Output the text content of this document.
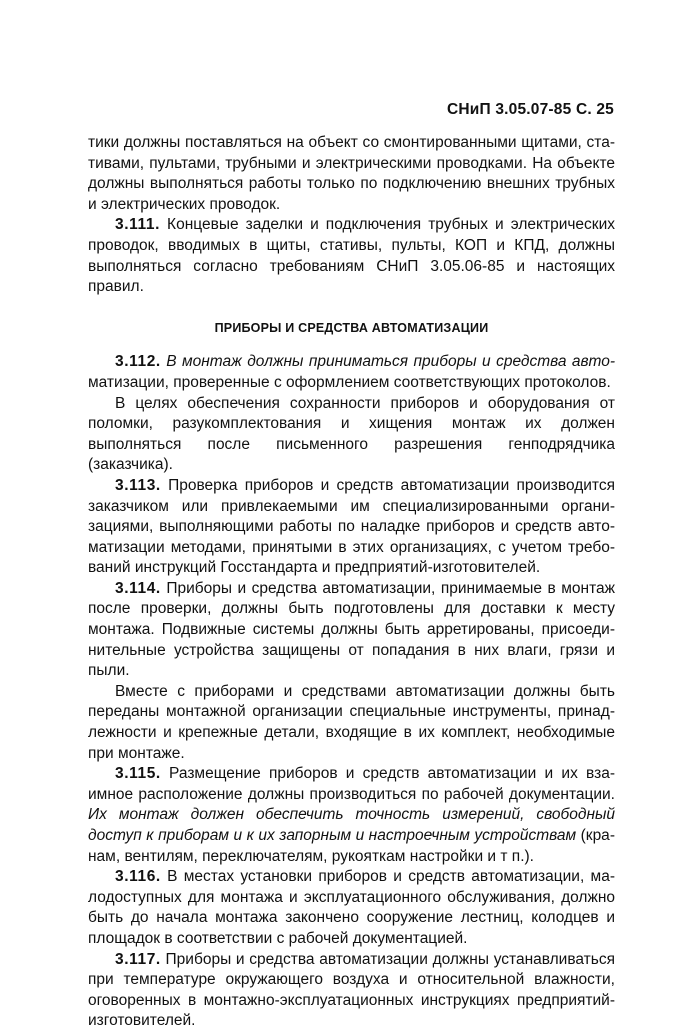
СНиП 3.05.07-85 С. 25

тики должны поставляться на объект со смонтированными щитами, стативами, пультами, трубными и электрическими проводками. На объекте должны выполняться работы только по подключению внешних трубных и электрических проводок.

3.111. Концевые заделки и подключения трубных и электрических проводок, вводимых в щиты, стативы, пульты, КОП и КПД, должны выполняться согласно требованиям СНиП 3.05.06-85 и настоящих правил.

ПРИБОРЫ И СРЕДСТВА АВТОМАТИЗАЦИИ

3.112. В монтаж должны приниматься приборы и средства автоматизации, проверенные с оформлением соответствующих протоколов.

В целях обеспечения сохранности приборов и оборудования от поломки, разукомплектования и хищения монтаж их должен выполняться после письменного разрешения генподрядчика (заказчика).

3.113. Проверка приборов и средств автоматизации производится заказчиком или привлекаемыми им специализированными организациями, выполняющими работы по наладке приборов и средств автоматизации методами, принятыми в этих организациях, с учетом требований инструкций Госстандарта и предприятий-изготовителей.

3.114. Приборы и средства автоматизации, принимаемые в монтаж после проверки, должны быть подготовлены для доставки к месту монтажа. Подвижные системы должны быть арретированы, присоединительные устройства защищены от попадания в них влаги, грязи и пыли.

Вместе с приборами и средствами автоматизации должны быть переданы монтажной организации специальные инструменты, принадлежности и крепежные детали, входящие в их комплект, необходимые при монтаже.

3.115. Размещение приборов и средств автоматизации и их взаимное расположение должны производиться по рабочей документации. Их монтаж должен обеспечить точность измерений, свободный доступ к приборам и к их запорным и настроечным устройствам (кранам, вентилям, переключателям, рукояткам настройки и т п.).

3.116. В местах установки приборов и средств автоматизации, малодоступных для монтажа и эксплуатационного обслуживания, должно быть до начала монтажа закончено сооружение лестниц, колодцев и площадок в соответствии с рабочей документацией.

3.117. Приборы и средства автоматизации должны устанавливаться при температуре окружающего воздуха и относительной влажности, оговоренных в монтажно-эксплуатационных инструкциях предприятий-изготовителей.
